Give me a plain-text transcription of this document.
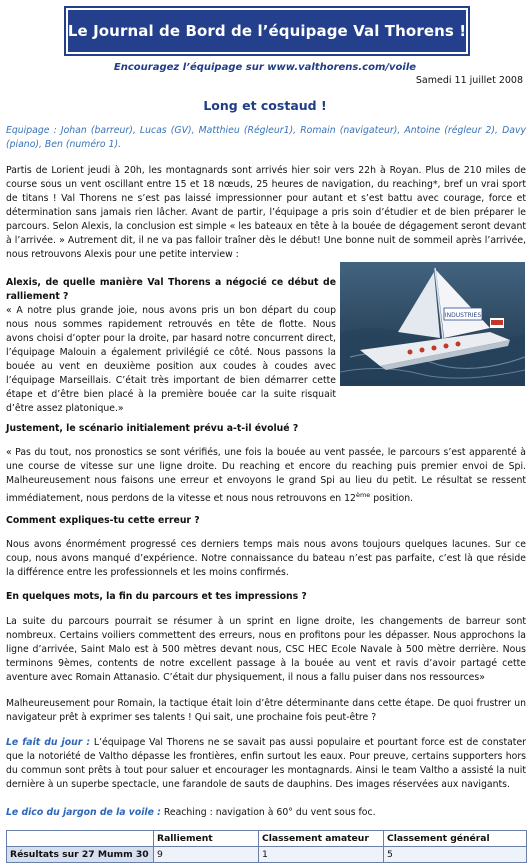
Le Journal de Bord de l’équipage Val Thorens !
Encouragez l’équipage sur www.valthorens.com/voile
Samedi 11 juillet 2008
Long et costaud !

Equipage : Johan (barreur), Lucas (GV), Matthieu (Régleur1), Romain (navigateur), Antoine (régleur 2), Davy (piano), Ben (numéro 1).

Partis de Lorient jeudi à 20h, les montagnards sont arrivés hier soir vers 22h à Royan. Plus de 210 miles de course sous un vent oscillant entre 15 et 18 nœuds, 25 heures de navigation, du reaching*, bref un vrai sport de titans ! Val Thorens ne s’est pas laissé impressionner pour autant et s’est battu avec courage, force et détermination sans jamais rien lâcher. Avant de partir, l’équipage a pris soin d’étudier et de bien préparer le parcours. Selon Alexis, la conclusion est simple « les bateaux en tête à la bouée de dégagement seront devant à l’arrivée. » Autrement dit, il ne va pas falloir traîner dès le début! Une bonne nuit de sommeil après l’arrivée, nous retrouvons Alexis pour une petite interview :

Alexis, de quelle manière Val Thorens a négocié ce début de ralliement ?

INDUSTRIES

« A notre plus grande joie, nous avons pris un bon départ du coup nous nous sommes rapidement retrouvés en tête de flotte. Nous avons choisi d’opter pour la droite, par hasard notre concurrent direct, l’équipage Malouin a également privilégié ce côté. Nous passons la bouée au vent en deuxième position aux coudes à coudes avec l’équipage Marseillais. C’était très important de bien démarrer cette étape et d’être bien placé à la première bouée car la suite risquait d’être assez platonique.»

Justement, le scénario initialement prévu a-t-il évolué ?

« Pas du tout, nos pronostics se sont vérifiés, une fois la bouée au vent passée, le parcours s’est apparenté à une course de vitesse sur une ligne droite. Du reaching et encore du reaching puis premier envoi de Spi. Malheureusement nous faisons une erreur et envoyons le grand Spi au lieu du petit. Le résultat se ressent immédiatement, nous perdons de la vitesse et nous nous retrouvons en 12ème position.

Comment expliques-tu cette erreur ?

Nous avons énormément progressé ces derniers temps mais nous avons toujours quelques lacunes. Sur ce coup, nous avons manqué d’expérience. Notre connaissance du bateau n’est pas parfaite, c’est là que réside la différence entre les professionnels et les moins confirmés.

En quelques mots, la fin du parcours et tes impressions ?

La suite du parcours pourrait se résumer à un sprint en ligne droite, les changements de barreur sont nombreux. Certains voiliers commettent des erreurs, nous en profitons pour les dépasser. Nous approchons la ligne d’arrivée, Saint Malo est à 500 mètres devant nous, CSC HEC Ecole Navale à 500 mètre derrière. Nous terminons 9èmes, contents de notre excellent passage à la bouée au vent et ravis d’avoir partagé cette aventure avec Romain Attanasio. C’était dur physiquement, il nous a fallu puiser dans nos ressources»

Malheureusement pour Romain, la tactique était loin d’être déterminante dans cette étape. De quoi frustrer un navigateur prêt à exprimer ses talents ! Qui sait, une prochaine fois peut-être ?

Le fait du jour : L’équipage Val Thorens ne se savait pas aussi populaire et pourtant force est de constater que la notoriété de Valtho dépasse les frontières, enfin surtout les eaux. Pour preuve, certains supporters hors du commun sont prêts à tout pour saluer et encourager les montagnards. Ainsi le team Valtho a assisté la nuit dernière à un superbe spectacle, une farandole de sauts de dauphins. Des images réservées aux navigants.

Le dico du jargon de la voile : Reaching : navigation à 60° du vent sous foc.

	Ralliement	Classement amateur	Classement général
Résultats sur 27 Mumm 30	9	1	5
